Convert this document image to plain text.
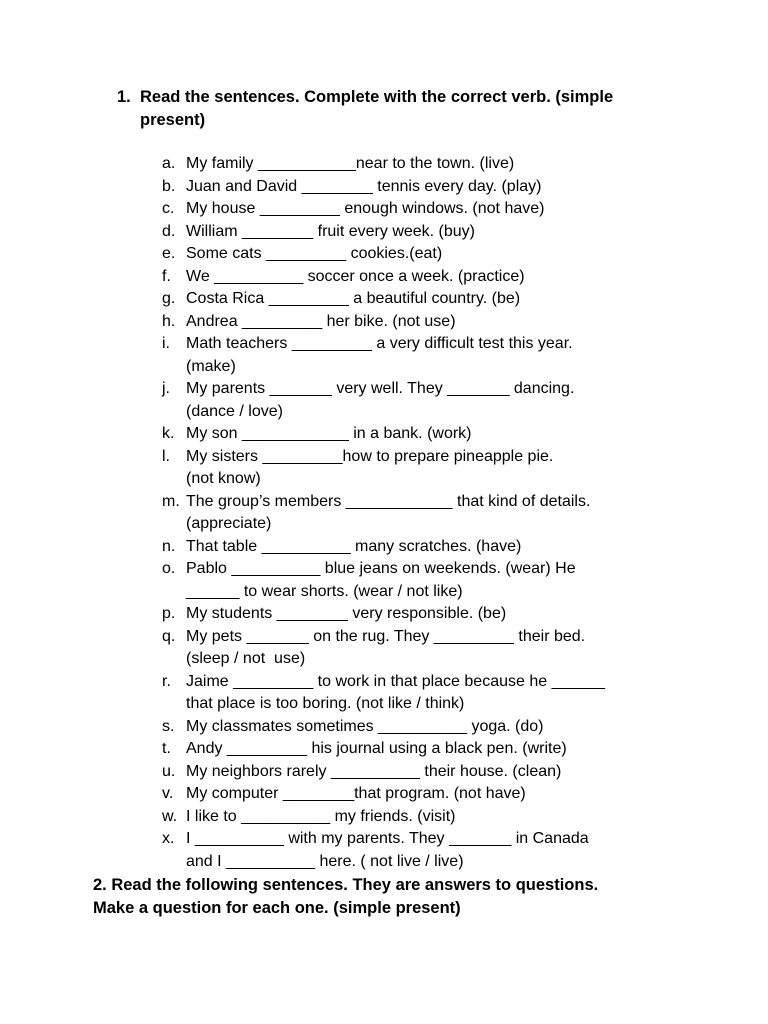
1. Read the sentences. Complete with the correct verb. (simple present)
a. My family ___________near to the town. (live)
b. Juan and David ________ tennis every day. (play)
c. My house _________ enough windows. (not have)
d. William ________ fruit every week. (buy)
e. Some cats _________ cookies.(eat)
f. We __________ soccer once a week. (practice)
g. Costa Rica _________ a beautiful country. (be)
h. Andrea _________ her bike. (not use)
i.	Math teachers _________ a very difficult test this year.
(make)
j.	My parents _______ very well. They _______ dancing.
(dance / love)
k. My son ____________ in a bank. (work)
l.	My sisters _________how to prepare pineapple pie.
(not know)
m. The group’s members ____________ that kind of details.
(appreciate)
n. That table __________ many scratches. (have)
o. Pablo __________ blue jeans on weekends. (wear) He
______ to wear shorts. (wear / not like)
p. My students ________ very responsible. (be)
q. My pets _______ on the rug. They _________ their bed.
(sleep / not  use)
r. Jaime _________ to work in that place because he ______
that place is too boring. (not like / think)
s. My classmates sometimes __________ yoga. (do)
t. Andy _________ his journal using a black pen. (write)
u. My neighbors rarely __________ their house. (clean)
v. My computer ________that program. (not have)
w. I like to __________ my friends. (visit)
x. I __________ with my parents. They _______ in Canada
and I __________ here. ( not live / live)
2. Read the following sentences. They are answers to questions.
Make a question for each one. (simple present)
